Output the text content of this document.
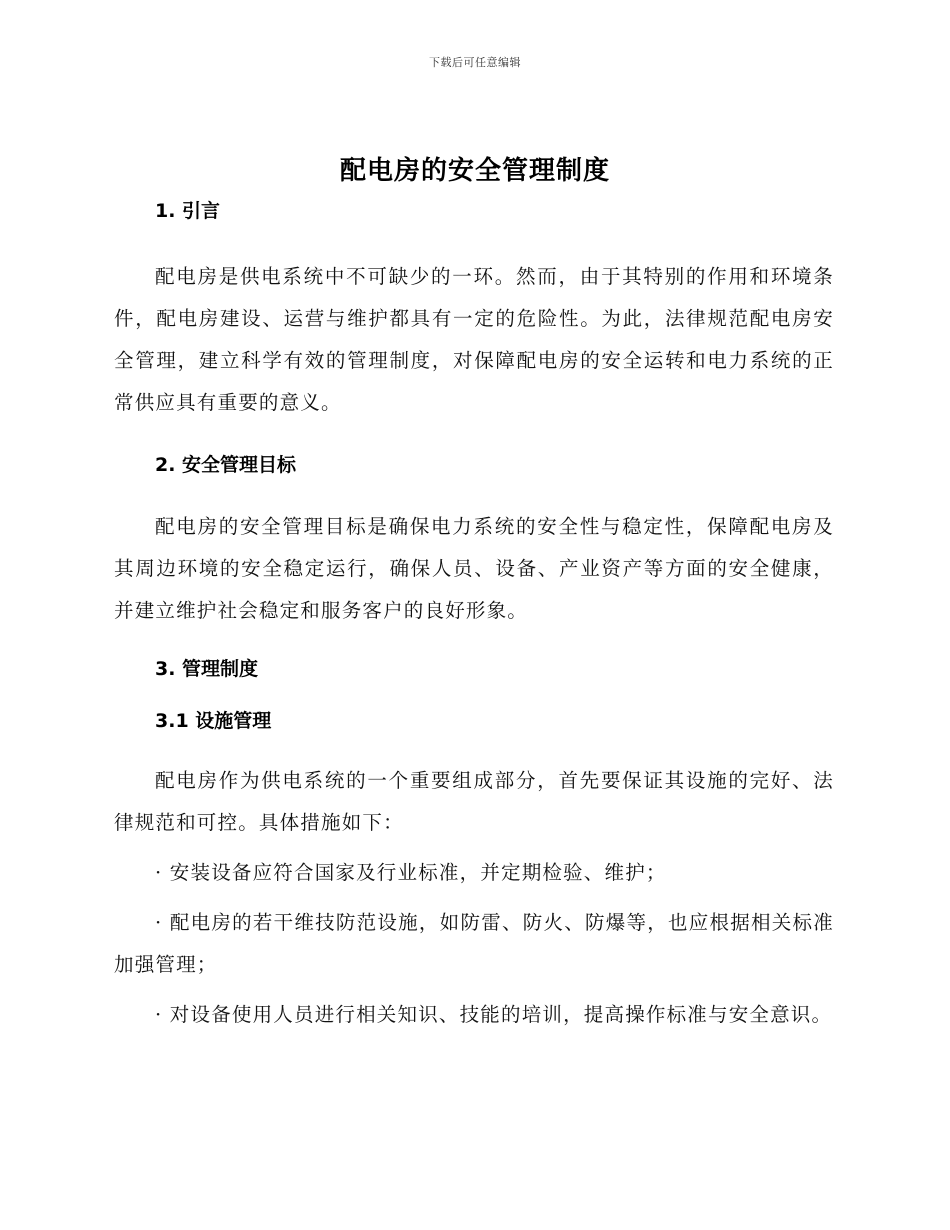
下载后可任意编辑
配电房的安全管理制度

1. 引言

配电房是供电系统中不可缺少的一环。然而，由于其特别的作用和环境条件，配电房建设、运营与维护都具有一定的危险性。为此，法律规范配电房安全管理，建立科学有效的管理制度，对保障配电房的安全运转和电力系统的正常供应具有重要的意义。

2. 安全管理目标

配电房的安全管理目标是确保电力系统的安全性与稳定性，保障配电房及其周边环境的安全稳定运行，确保人员、设备、产业资产等方面的安全健康，并建立维护社会稳定和服务客户的良好形象。

3. 管理制度

3.1 设施管理

配电房作为供电系统的一个重要组成部分，首先要保证其设施的完好、法律规范和可控。具体措施如下：

· 安装设备应符合国家及行业标准，并定期检验、维护；

· 配电房的若干维技防范设施，如防雷、防火、防爆等，也应根据相关标准加强管理；

· 对设备使用人员进行相关知识、技能的培训，提高操作标准与安全意识。
